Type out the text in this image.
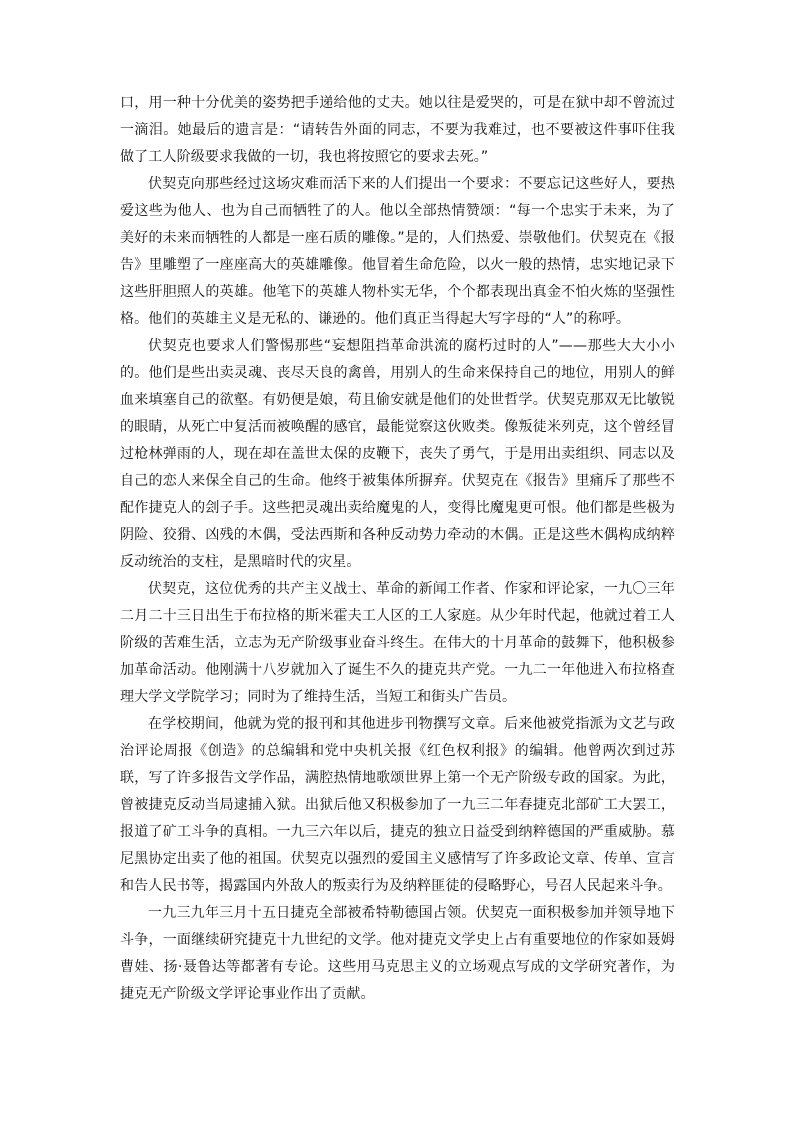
口，用一种十分优美的姿势把手递给他的丈夫。她以往是爱哭的，可是在狱中却不曾流过一滴泪。她最后的遗言是：“请转告外面的同志，不要为我难过，也不要被这件事吓住我做了工人阶级要求我做的一切，我也将按照它的要求去死。”

伏契克向那些经过这场灾难而活下来的人们提出一个要求：不要忘记这些好人，要热爱这些为他人、也为自己而牺牲了的人。他以全部热情赞颂：“每一个忠实于未来，为了美好的未来而牺牲的人都是一座石质的雕像。”是的，人们热爱、崇敬他们。伏契克在《报告》里雕塑了一座座高大的英雄雕像。他冒着生命危险，以火一般的热情，忠实地记录下这些肝胆照人的英雄。他笔下的英雄人物朴实无华，个个都表现出真金不怕火炼的坚强性格。他们的英雄主义是无私的、谦逊的。他们真正当得起大写字母的“人”的称呼。

伏契克也要求人们警惕那些“妄想阻挡革命洪流的腐朽过时的人”——那些大大小小的。他们是些出卖灵魂、丧尽天良的禽兽，用别人的生命来保持自己的地位，用别人的鲜血来填塞自己的欲壑。有奶便是娘，苟且偷安就是他们的处世哲学。伏契克那双无比敏锐的眼睛，从死亡中复活而被唤醒的感官，最能觉察这伙败类。像叛徒米列克，这个曾经冒过枪林弹雨的人，现在却在盖世太保的皮鞭下，丧失了勇气，于是用出卖组织、同志以及自己的恋人来保全自己的生命。他终于被集体所摒弃。伏契克在《报告》里痛斥了那些不配作捷克人的刽子手。这些把灵魂出卖给魔鬼的人，变得比魔鬼更可恨。他们都是些极为阴险、狡猾、凶残的木偶，受法西斯和各种反动势力牵动的木偶。正是这些木偶构成纳粹反动统治的支柱，是黑暗时代的灾星。

伏契克，这位优秀的共产主义战士、革命的新闻工作者、作家和评论家，一九〇三年二月二十三日出生于布拉格的斯米霍夫工人区的工人家庭。从少年时代起，他就过着工人阶级的苦难生活，立志为无产阶级事业奋斗终生。在伟大的十月革命的鼓舞下，他积极参加革命活动。他刚满十八岁就加入了诞生不久的捷克共产党。一九二一年他进入布拉格查理大学文学院学习；同时为了维持生活，当短工和街头广告员。

在学校期间，他就为党的报刊和其他进步刊物撰写文章。后来他被党指派为文艺与政治评论周报《创造》的总编辑和党中央机关报《红色权利报》的编辑。他曾两次到过苏联，写了许多报告文学作品，满腔热情地歌颂世界上第一个无产阶级专政的国家。为此，曾被捷克反动当局逮捕入狱。出狱后他又积极参加了一九三二年春捷克北部矿工大罢工，报道了矿工斗争的真相。一九三六年以后，捷克的独立日益受到纳粹德国的严重威胁。慕尼黑协定出卖了他的祖国。伏契克以强烈的爱国主义感情写了许多政论文章、传单、宣言和告人民书等，揭露国内外敌人的叛卖行为及纳粹匪徒的侵略野心，号召人民起来斗争。

一九三九年三月十五日捷克全部被希特勒德国占领。伏契克一面积极参加并领导地下斗争，一面继续研究捷克十九世纪的文学。他对捷克文学史上占有重要地位的作家如聂姆曹娃、扬·聂鲁达等都著有专论。这些用马克思主义的立场观点写成的文学研究著作，为捷克无产阶级文学评论事业作出了贡献。
